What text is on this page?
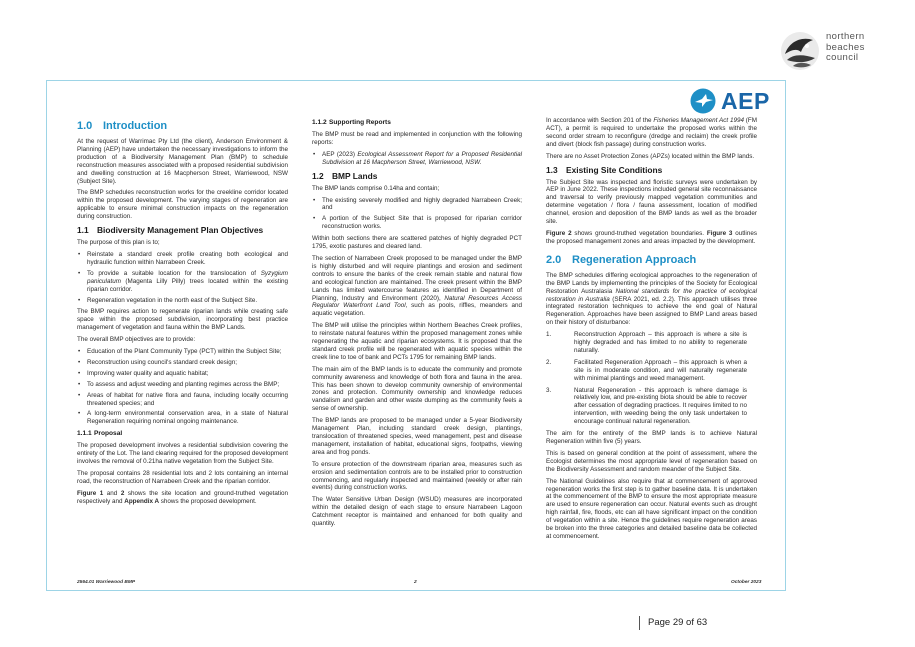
northern
beaches
council
AEP
1.0 Introduction

At the request of Warrimac Pty Ltd (the client), Anderson Environment & Planning (AEP) have undertaken the necessary investigations to inform the production of a Biodiversity Management Plan (BMP) to schedule reconstruction measures associated with a proposed residential subdivision and dwelling construction at 16 Macpherson Street, Warriewood, NSW (Subject Site).

The BMP schedules reconstruction works for the creekline corridor located within the proposed development. The varying stages of regeneration are applicable to ensure minimal construction impacts on the regeneration during construction.

1.1 Biodiversity Management Plan Objectives

The purpose of this plan is to;

• Reinstate a standard creek profile creating both ecological and hydraulic function within Narrabeen Creek.
• To provide a suitable location for the translocation of Syzygium paniculatum (Magenta Lilly Pilly) trees located within the existing riparian corridor.
• Regeneration vegetation in the north east of the Subject Site.

The BMP requires action to regenerate riparian lands while creating safe space within the proposed subdivision, incorporating best practice management of vegetation and fauna within the BMP Lands.

The overall BMP objectives are to provide:

• Education of the Plant Community Type (PCT) within the Subject Site;
• Reconstruction using council's standard creek design;
• Improving water quality and aquatic habitat;
• To assess and adjust weeding and planting regimes across the BMP;
• Areas of habitat for native flora and fauna, including locally occurring threatened species; and
• A long-term environmental conservation area, in a state of Natural Regeneration requiring nominal ongoing maintenance.
1.1.1 Proposal

The proposed development involves a residential subdivision covering the entirety of the Lot. The land clearing required for the proposed development involves the removal of 0.21ha native vegetation from the Subject Site.

The proposal contains 28 residential lots and 2 lots containing an internal road, the reconstruction of Narrabeen Creek and the riparian corridor.

Figure 1 and 2 shows the site location and ground-truthed vegetation respectively and Appendix A shows the proposed development.

1.1.2 Supporting Reports

The BMP must be read and implemented in conjunction with the following reports:

• AEP (2023) Ecological Assessment Report for a Proposed Residential Subdivision at 16 Macpherson Street, Warriewood, NSW.
1.2 BMP Lands

The BMP lands comprise 0.14ha and contain;

• The existing severely modified and highly degraded Narrabeen Creek; and
• A portion of the Subject Site that is proposed for riparian corridor reconstruction works.

Within both sections there are scattered patches of highly degraded PCT 1795, exotic pastures and cleared land.

The section of Narrabeen Creek proposed to be managed under the BMP is highly disturbed and will require plantings and erosion and sediment controls to ensure the banks of the creek remain stable and natural flow and ecological function are maintained. The creek present within the BMP Lands has limited watercourse features as identified in Department of Planning, Industry and Environment (2020), Natural Resources Access Regulator Waterfront Land Tool, such as pools, riffles, meanders and aquatic vegetation.

The BMP will utilise the principles within Northern Beaches Creek profiles, to reinstate natural features within the proposed management zones while regenerating the aquatic and riparian ecosystems. It is proposed that the standard creek profile will be regenerated with aquatic species within the creek line to toe of bank and PCTs 1795 for remaining BMP lands.

The main aim of the BMP lands is to educate the community and promote community awareness and knowledge of both flora and fauna in the area. This has been shown to develop community ownership of environmental zones and protection. Community ownership and knowledge reduces vandalism and garden and other waste dumping as the community feels a sense of ownership.

The BMP lands are proposed to be managed under a 5-year Biodiversity Management Plan, including standard creek design, plantings, translocation of threatened species, weed management, pest and disease management, installation of habitat, educational signs, footpaths, viewing area and frog ponds.

To ensure protection of the downstream riparian area, measures such as erosion and sedimentation controls are to be installed prior to construction commencing, and regularly inspected and maintained (weekly or after rain events) during construction works.

The Water Sensitive Urban Design (WSUD) measures are incorporated within the detailed design of each stage to ensure Narrabeen Lagoon Catchment receptor is maintained and enhanced for both quality and quantity.

In accordance with Section 201 of the Fisheries Management Act 1994 (FM ACT), a permit is required to undertake the proposed works within the second order stream to reconfigure (dredge and reclaim) the creek profile and divert (block fish passage) during construction works.

There are no Asset Protection Zones (APZs) located within the BMP lands.

1.3 Existing Site Conditions

The Subject Site was inspected and floristic surveys were undertaken by AEP in June 2022. These inspections included general site reconnaissance and traversal to verify previously mapped vegetation communities and determine vegetation / flora / fauna assessment, location of modified channel, erosion and deposition of the BMP lands as well as the broader site.

Figure 2 shows ground-truthed vegetation boundaries. Figure 3 outlines the proposed management zones and areas impacted by the development.

2.0 Regeneration Approach

The BMP schedules differing ecological approaches to the regeneration of the BMP Lands by implementing the principles of the Society for Ecological Restoration Australasia National standards for the practice of ecological restoration in Australia (SERA 2021, ed. 2.2). This approach utilises three integrated restoration techniques to achieve the end goal of Natural Regeneration. Approaches have been assigned to BMP Land areas based on their history of disturbance:

1.	Reconstruction Approach – this approach is where a site is highly degraded and has limited to no ability to regenerate naturally.
2.	Facilitated Regeneration Approach – this approach is when a site is in moderate condition, and will naturally regenerate with minimal plantings and weed management.
3.	Natural Regeneration - this approach is where damage is relatively low, and pre-existing biota should be able to recover after cessation of degrading practices. It requires limited to no intervention, with weeding being the only task undertaken to encourage continual natural regeneration.

The aim for the entirety of the BMP lands is to achieve Natural Regeneration within five (5) years.

This is based on general condition at the point of assessment, where the Ecologist determines the most appropriate level of regeneration based on the Biodiversity Assessment and random meander of the Subject Site.

The National Guidelines also require that at commencement of approved regeneration works the first step is to gather baseline data. It is undertaken at the commencement of the BMP to ensure the most appropriate measure are used to ensure regeneration can occur. Natural events such as drought high rainfall, fire, floods, etc can all have significant impact on the condition of vegetation within a site. Hence the guidelines require regeneration areas be broken into the three categories and detailed baseline data be collected at commencement.

2564.01 Warriewood BMP	2	October 2023
Page 29 of 63
